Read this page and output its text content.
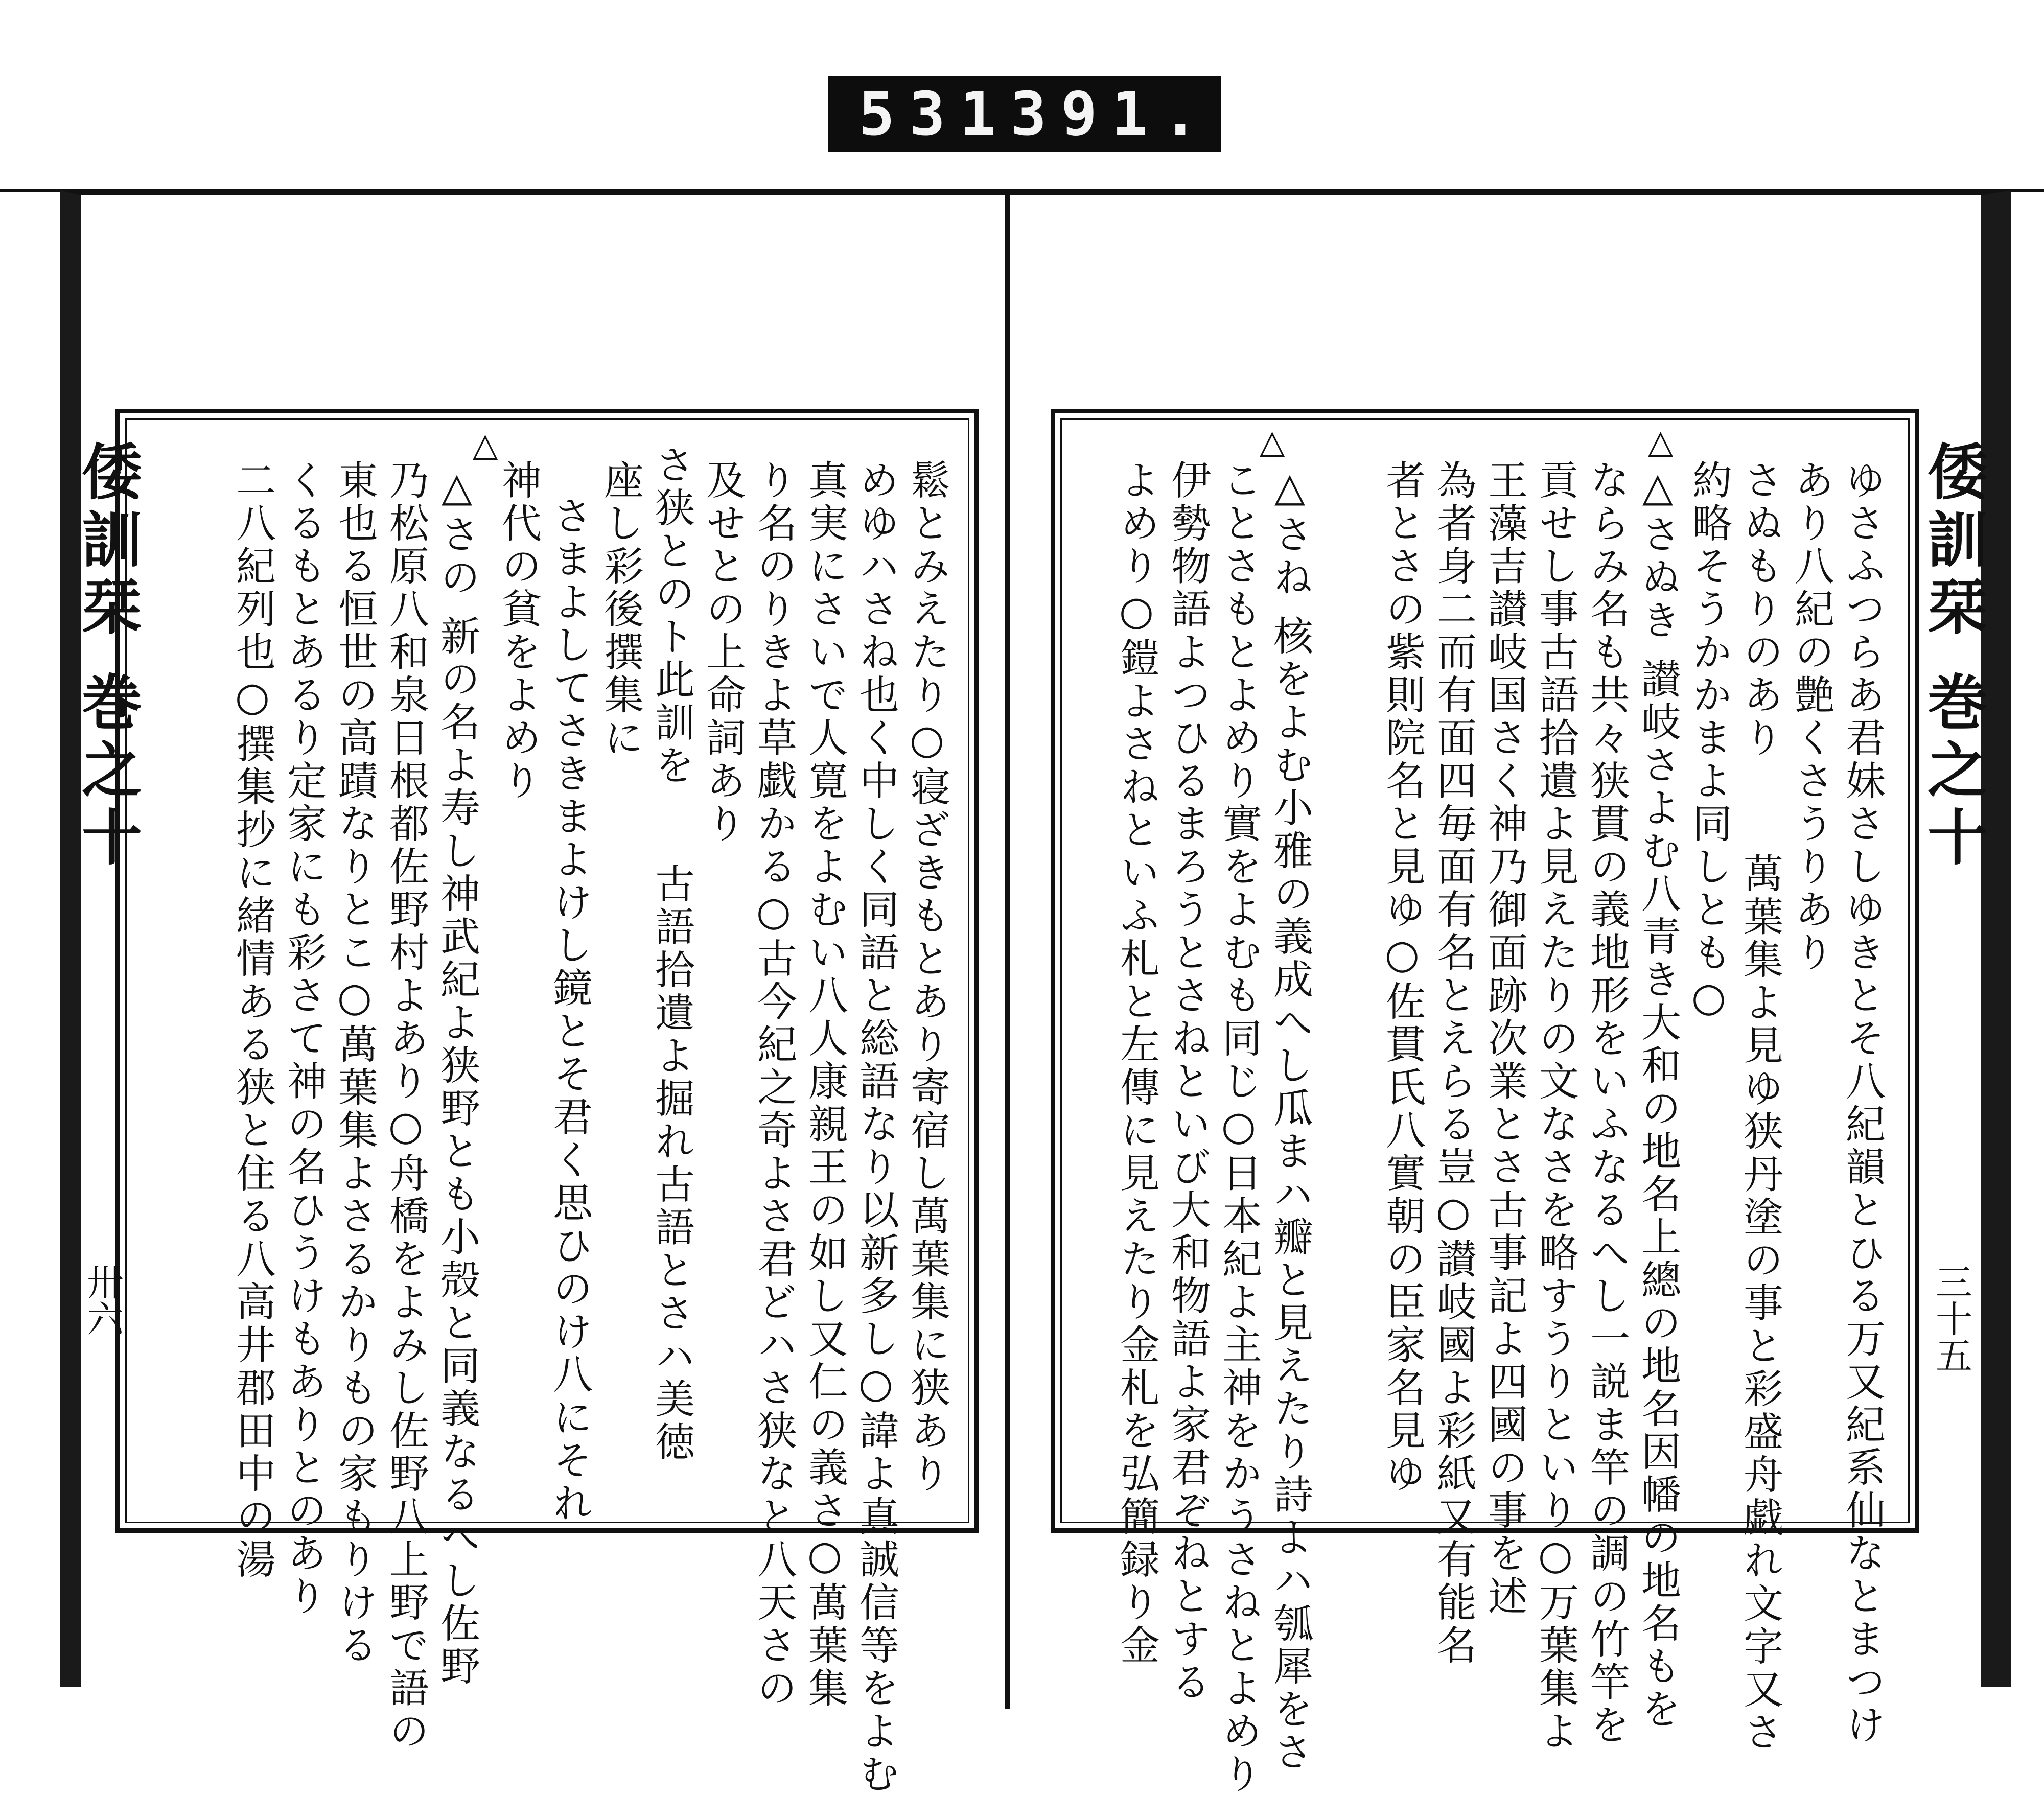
531 391.
△
鬆とみえたり○寝ざきもとあり寄宿し萬葉集に狭あり
めゆハさね也く中しく同語と総語なり以新多し○諱よ真誠信等をよむ
真実にさいで人寛をよむい八人康親王の如し又仁の義さ○萬葉集
り名のりきよ草戯かる○古今紀之奇よさ君どハさ狭なと八天さの
及せとの上命詞あり
さ狭とのト此訓を
古語拾遺よ掘れ古語とさハ美徳
座し彩後撰集に
さまよしてさきまよけし鏡とそ君く思ひのけ八にそれ
神代の貧をよめり
△さの 新の名よ寿し神武紀よ狭野とも小殻と同義なるへし佐野
乃松原八和泉日根都佐野村よあり○舟橋をよみし佐野八上野で語の
東也る恒世の高蹟なりとこ○萬葉集よさるかりもの家もりける
くるもとあるり定家にも彩さて神の名ひうけもありとのあり
二八紀列也○撰集抄に緒情ある狭と住る八高井郡田中の湯
倭訓栞 巻之十
卅六
△
△
ゆさふつらあ君妹さしゆきとそ八紀韻とひる万又紀系仙なとまつけ
あり八紀の艶くさうりあり
さぬもりのあり
約略そうかかまよ同しとも○
萬葉集よ見ゆ狭丹塗の事と彩盛舟戯れ文字又さ
△さぬき 讃岐さよむ八青き大和の地名上總の地名因幡の地名もを
ならみ名も共々狭貫の義地形をいふなるへし一説ま竿の調の竹竿を
貢せし事古語拾遺よ見えたりの文なさを略すうりといり○万葉集よ
王藻吉讃岐国さく神乃御面跡次業とさ古事記よ四國の事を述
為者身二而有面四毎面有名とえらる豈○讃岐國よ彩紙又有能名
者とさの紫則院名と見ゆ○佐貫氏八實朝の臣家名見ゆ
△さね 核をよむ小雅の義成へし瓜まハ瓣と見えたり詩よハ瓠犀をさ
ことさもとよめり實をよむも同じ○日本紀よ主神をかうさねとよめり
伊勢物語よつひるまろうとさねといび大和物語よ家君ぞねとする
よめり○鎧よさねといふ札と左傳に見えたり金札を弘簡録り金	倭訓栞 巻之十
三十五
